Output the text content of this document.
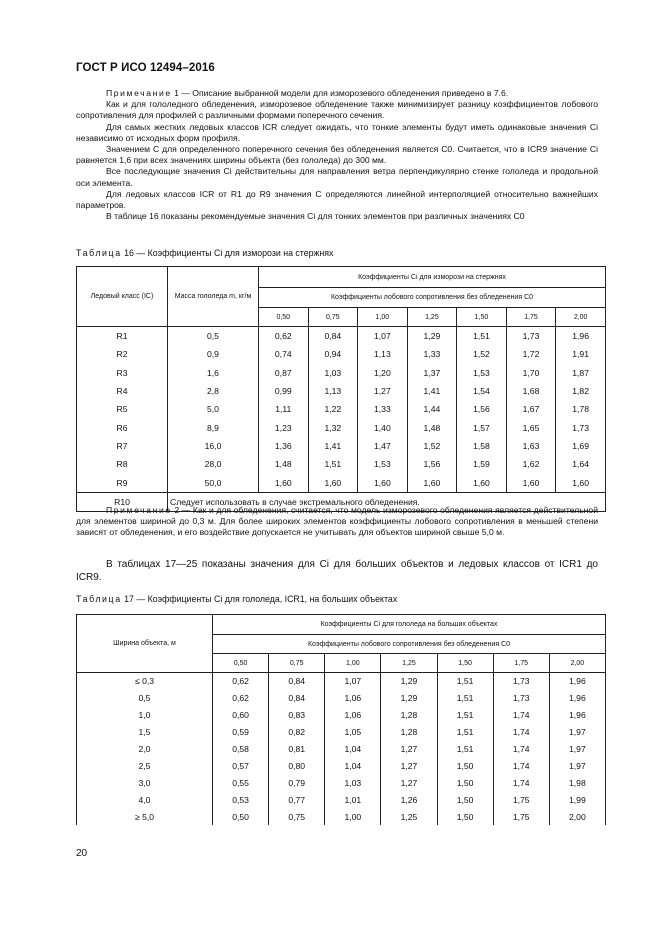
ГОСТ Р ИСО 12494–2016

Примечание 1 — Описание выбранной модели для изморозевого обледенения приведено в 7.6.

Как и для гололедного обледенения, изморозевое обледенение также минимизирует разницу коэффициентов лобового сопротивления для профилей с различными формами поперечного сечения.

Для самых жестких ледовых классов ICR следует ожидать, что тонкие элементы будут иметь одинаковые значения Ci независимо от исходных форм профиля.

Значением C для определенного поперечного сечения без обледенения является C0. Считается, что в ICR9 значение Ci равняется 1,6 при всех значениях ширины объекта (без гололеда) до 300 мм.

Все последующие значения Ci действительны для направления ветра перпендикулярно стенке гололеда и продольной оси элемента.

Для ледовых классов ICR от R1 до R9 значения C определяются линейной интерполяцией относительно важнейших параметров.

В таблице 16 показаны рекомендуемые значения Ci для тонких элементов при различных значениях C0

Таблица 16 — Коэффициенты Ci для изморози на стержнях
Ледовый класс (IC)	Масса гололеда m, кг/м	Коэффициенты Ci для изморози на стержнях						
		Коэффициенты лобового сопротивления без обледенения C0						
		0,50	0,75	1,00	1,25	1,50	1,75	2,00
R1	0,5	0,62	0,84	1,07	1,29	1,51	1,73	1,96
R2	0,9	0,74	0,94	1,13	1,33	1,52	1,72	1,91
R3	1,6	0,87	1,03	1,20	1,37	1,53	1,70	1,87
R4	2,8	0,99	1,13	1,27	1,41	1,54	1,68	1,82
R5	5,0	1,11	1,22	1,33	1,44	1,56	1,67	1,78
R6	8,9	1,23	1,32	1,40	1,48	1,57	1,65	1,73
R7	16,0	1,36	1,41	1,47	1,52	1,58	1,63	1,69
R8	28,0	1,48	1,51	1,53	1,56	1,59	1,62	1,64
R9	50,0	1,60	1,60	1,60	1,60	1,60	1,60	1,60
R10	Следует использовать в случае экстремального обледенения.							

Примечание 2 — Как и для обледенения, считается, что модель изморозевого обледенения является действительной для элементов шириной до 0,3 м. Для более широких элементов коэффициенты лобового сопротивления в меньшей степени зависят от обледенения, и его воздействие допускается не учитывать для объектов шириной свыше 5,0 м.

В таблицах 17—25 показаны значения для Ci для больших объектов и ледовых классов от ICR1 до ICR9.

Таблица 17 — Коэффициенты Ci для гололеда, ICR1, на больших объектах
Ширина объекта, м	Коэффициенты Ci для гололеда на больших объектах						
	Коэффициенты лобового сопротивления без обледенения C0						
	0,50	0,75	1,00	1,25	1,50	1,75	2,00
≤ 0,3	0,62	0,84	1,07	1,29	1,51	1,73	1,96
0,5	0,62	0,84	1,06	1,29	1,51	1,73	1,96
1,0	0,60	0,83	1,06	1,28	1,51	1,74	1,96
1,5	0,59	0,82	1,05	1,28	1,51	1,74	1,97
2,0	0,58	0,81	1,04	1,27	1,51	1,74	1,97
2,5	0,57	0,80	1,04	1,27	1,50	1,74	1,97
3,0	0,55	0,79	1,03	1,27	1,50	1,74	1,98
4,0	0,53	0,77	1,01	1,26	1,50	1,75	1,99
≥ 5,0	0,50	0,75	1,00	1,25	1,50	1,75	2,00
20
